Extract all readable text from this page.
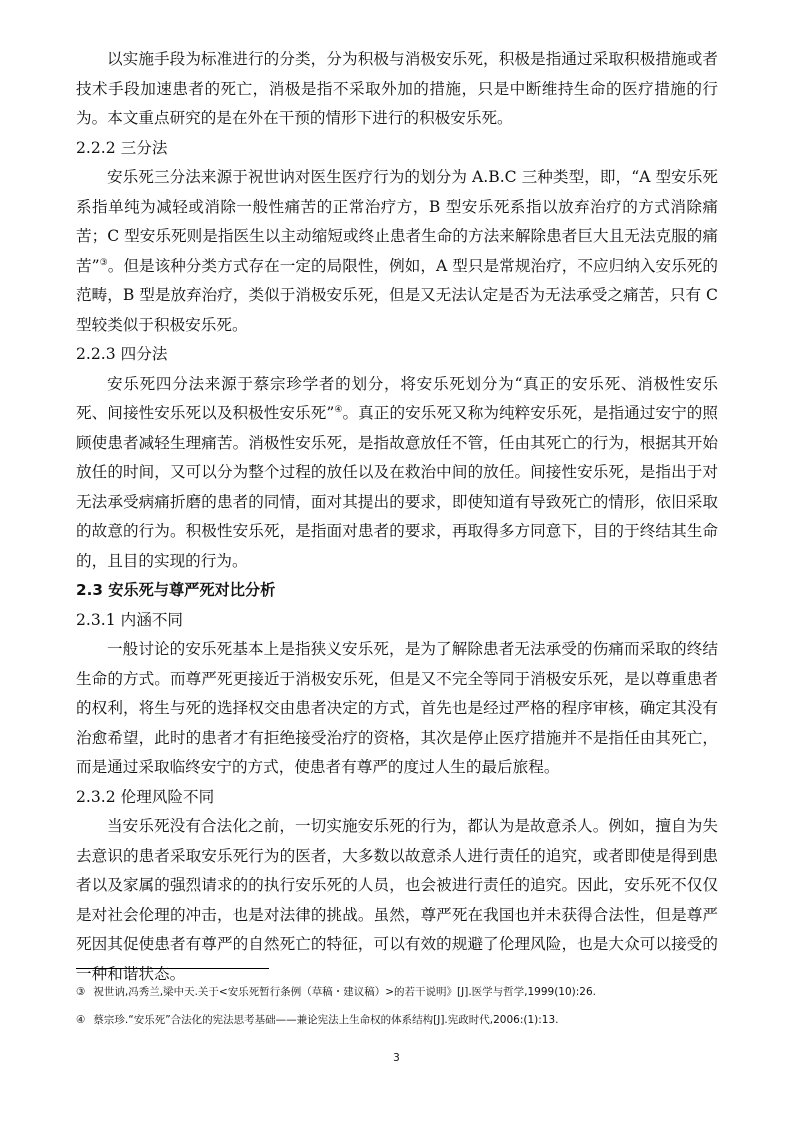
以实施手段为标准进行的分类，分为积极与消极安乐死，积极是指通过采取积极措施或者技术手段加速患者的死亡，消极是指不采取外加的措施，只是中断维持生命的医疗措施的行为。本文重点研究的是在外在干预的情形下进行的积极安乐死。

2.2.2 三分法

安乐死三分法来源于祝世讷对医生医疗行为的划分为 A.B.C 三种类型，即，“A 型安乐死系指单纯为减轻或消除一般性痛苦的正常治疗方，B 型安乐死系指以放弃治疗的方式消除痛苦；C 型安乐死则是指医生以主动缩短或终止患者生命的方法来解除患者巨大且无法克服的痛苦”③。但是该种分类方式存在一定的局限性，例如，A 型只是常规治疗，不应归纳入安乐死的范畴，B 型是放弃治疗，类似于消极安乐死，但是又无法认定是否为无法承受之痛苦，只有 C 型较类似于积极安乐死。

2.2.3 四分法

安乐死四分法来源于蔡宗珍学者的划分，将安乐死划分为“真正的安乐死、消极性安乐死、间接性安乐死以及积极性安乐死”④。真正的安乐死又称为纯粹安乐死，是指通过安宁的照顾使患者减轻生理痛苦。消极性安乐死，是指故意放任不管，任由其死亡的行为，根据其开始放任的时间，又可以分为整个过程的放任以及在救治中间的放任。间接性安乐死，是指出于对无法承受病痛折磨的患者的同情，面对其提出的要求，即使知道有导致死亡的情形，依旧采取的故意的行为。积极性安乐死，是指面对患者的要求，再取得多方同意下，目的于终结其生命的，且目的实现的行为。

2.3 安乐死与尊严死对比分析

2.3.1 内涵不同

一般讨论的安乐死基本上是指狭义安乐死，是为了解除患者无法承受的伤痛而采取的终结生命的方式。而尊严死更接近于消极安乐死，但是又不完全等同于消极安乐死，是以尊重患者的权利，将生与死的选择权交由患者决定的方式，首先也是经过严格的程序审核，确定其没有治愈希望，此时的患者才有拒绝接受治疗的资格，其次是停止医疗措施并不是指任由其死亡，而是通过采取临终安宁的方式，使患者有尊严的度过人生的最后旅程。

2.3.2 伦理风险不同

当安乐死没有合法化之前，一切实施安乐死的行为，都认为是故意杀人。例如，擅自为失去意识的患者采取安乐死行为的医者，大多数以故意杀人进行责任的追究，或者即使是得到患者以及家属的强烈请求的的执行安乐死的人员，也会被进行责任的追究。因此，安乐死不仅仅是对社会伦理的冲击，也是对法律的挑战。虽然，尊严死在我国也并未获得合法性，但是尊严死因其促使患者有尊严的自然死亡的特征，可以有效的规避了伦理风险，也是大众可以接受的一种和谐状态。

③ 祝世讷,冯秀兰,梁中天.关于<安乐死暂行条例（草稿・建议稿）>的若干说明》[J].医学与哲学,1999(10):26.

④ 蔡宗珍.“安乐死”合法化的宪法思考基础——兼论宪法上生命权的体系结构[J].宪政时代,2006:(1):13.

3
